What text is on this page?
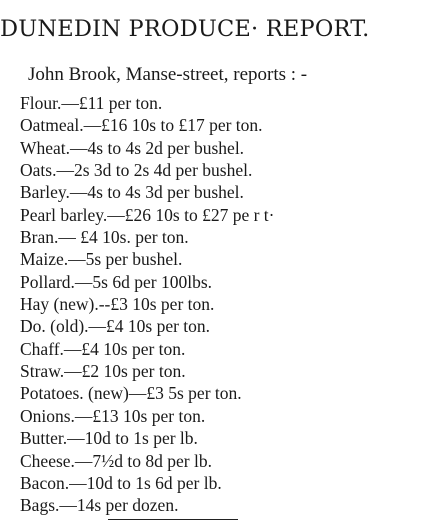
DUNEDIN PRODUCE· REPORT.
John Brook, Manse-street, reports : -
Flour.—£11 per ton.
Oatmeal.—£16 10s to £17 per ton.
Wheat.—4s to 4s 2d per bushel.
Oats.—2s 3d to 2s 4d per bushel.
Barley.—4s to 4s 3d per bushel.
Pearl barley.—£26 10s to £27 pe r t·
Bran.— £4 10s. per ton.
Maize.—5s per bushel.
Pollard.—5s 6d per 100lbs.
Hay (new).--£3 10s per ton.
Do. (old).—£4 10s per ton.
Chaff.—£4 10s per ton.
Straw.—£2 10s per ton.
Potatoes. (new)—£3 5s per ton.
Onions.—£13 10s per ton.
Butter.—10d to 1s per lb.
Cheese.—7½d to 8d per lb.
Bacon.—10d to 1s 6d per lb.
Bags.—14s per dozen.
